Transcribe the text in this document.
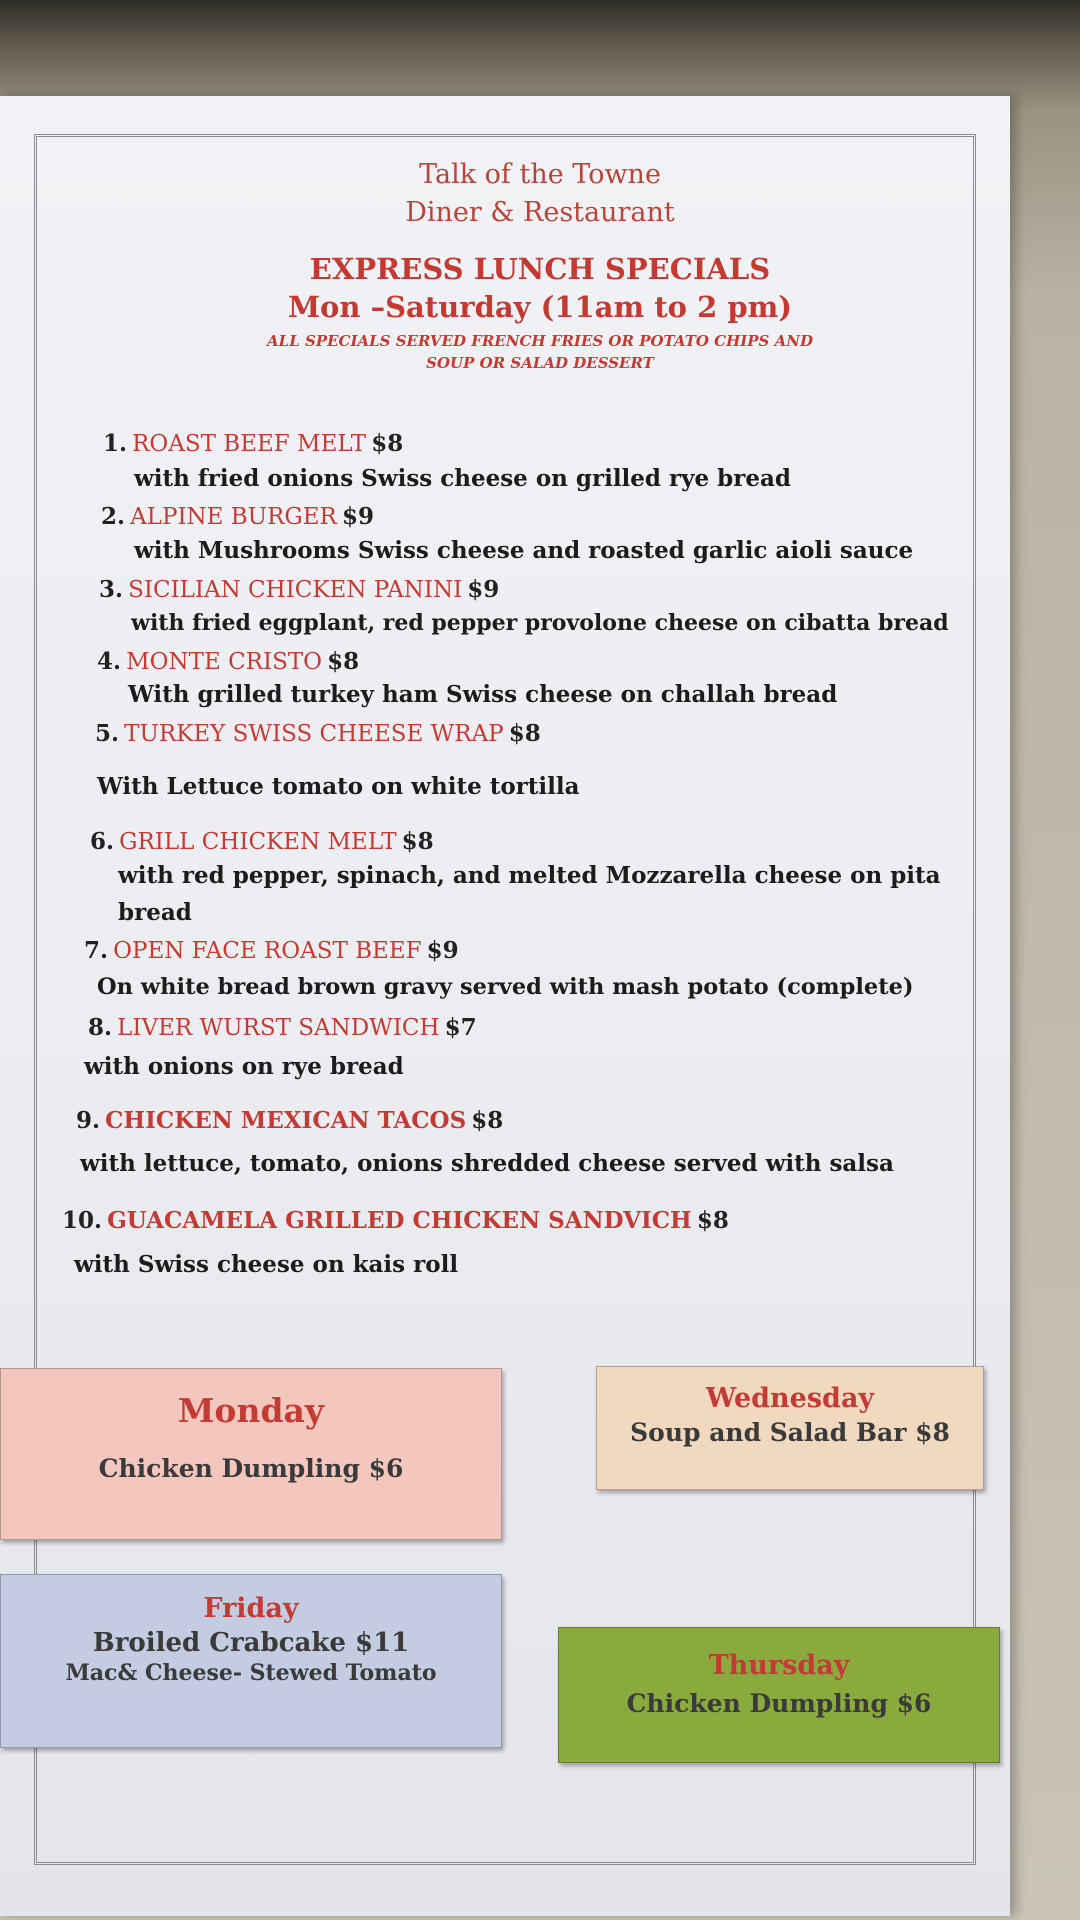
Talk of the Towne
Diner & Restaurant
EXPRESS LUNCH SPECIALS
Mon –Saturday (11am to 2 pm)
ALL SPECIALS SERVED FRENCH FRIES OR POTATO CHIPS AND
SOUP OR SALAD DESSERT
1. ROAST BEEF MELT $8
with fried onions Swiss cheese on grilled rye bread
2. ALPINE BURGER $9
with Mushrooms Swiss cheese and roasted garlic aioli sauce
3. SICILIAN CHICKEN PANINI $9
with fried eggplant, red pepper provolone cheese on cibatta bread
4. MONTE CRISTO $8
With grilled turkey ham Swiss cheese on challah bread
5. TURKEY SWISS CHEESE WRAP $8
With Lettuce tomato on white tortilla
6. GRILL CHICKEN MELT $8
with red pepper, spinach, and melted Mozzarella cheese on pita
bread
7. OPEN FACE ROAST BEEF $9
On white bread brown gravy served with mash potato (complete)
8. LIVER WURST SANDWICH $7
with onions on rye bread
9. CHICKEN MEXICAN TACOS $8
with lettuce, tomato, onions shredded cheese served with salsa
10. GUACAMELA GRILLED CHICKEN SANDVICH $8
with Swiss cheese on kais roll
Monday
Chicken Dumpling $6
Wednesday
Soup and Salad Bar $8
Friday
Broiled Crabcake $11
Mac& Cheese- Stewed Tomato	Thursday
Chicken Dumpling $6
